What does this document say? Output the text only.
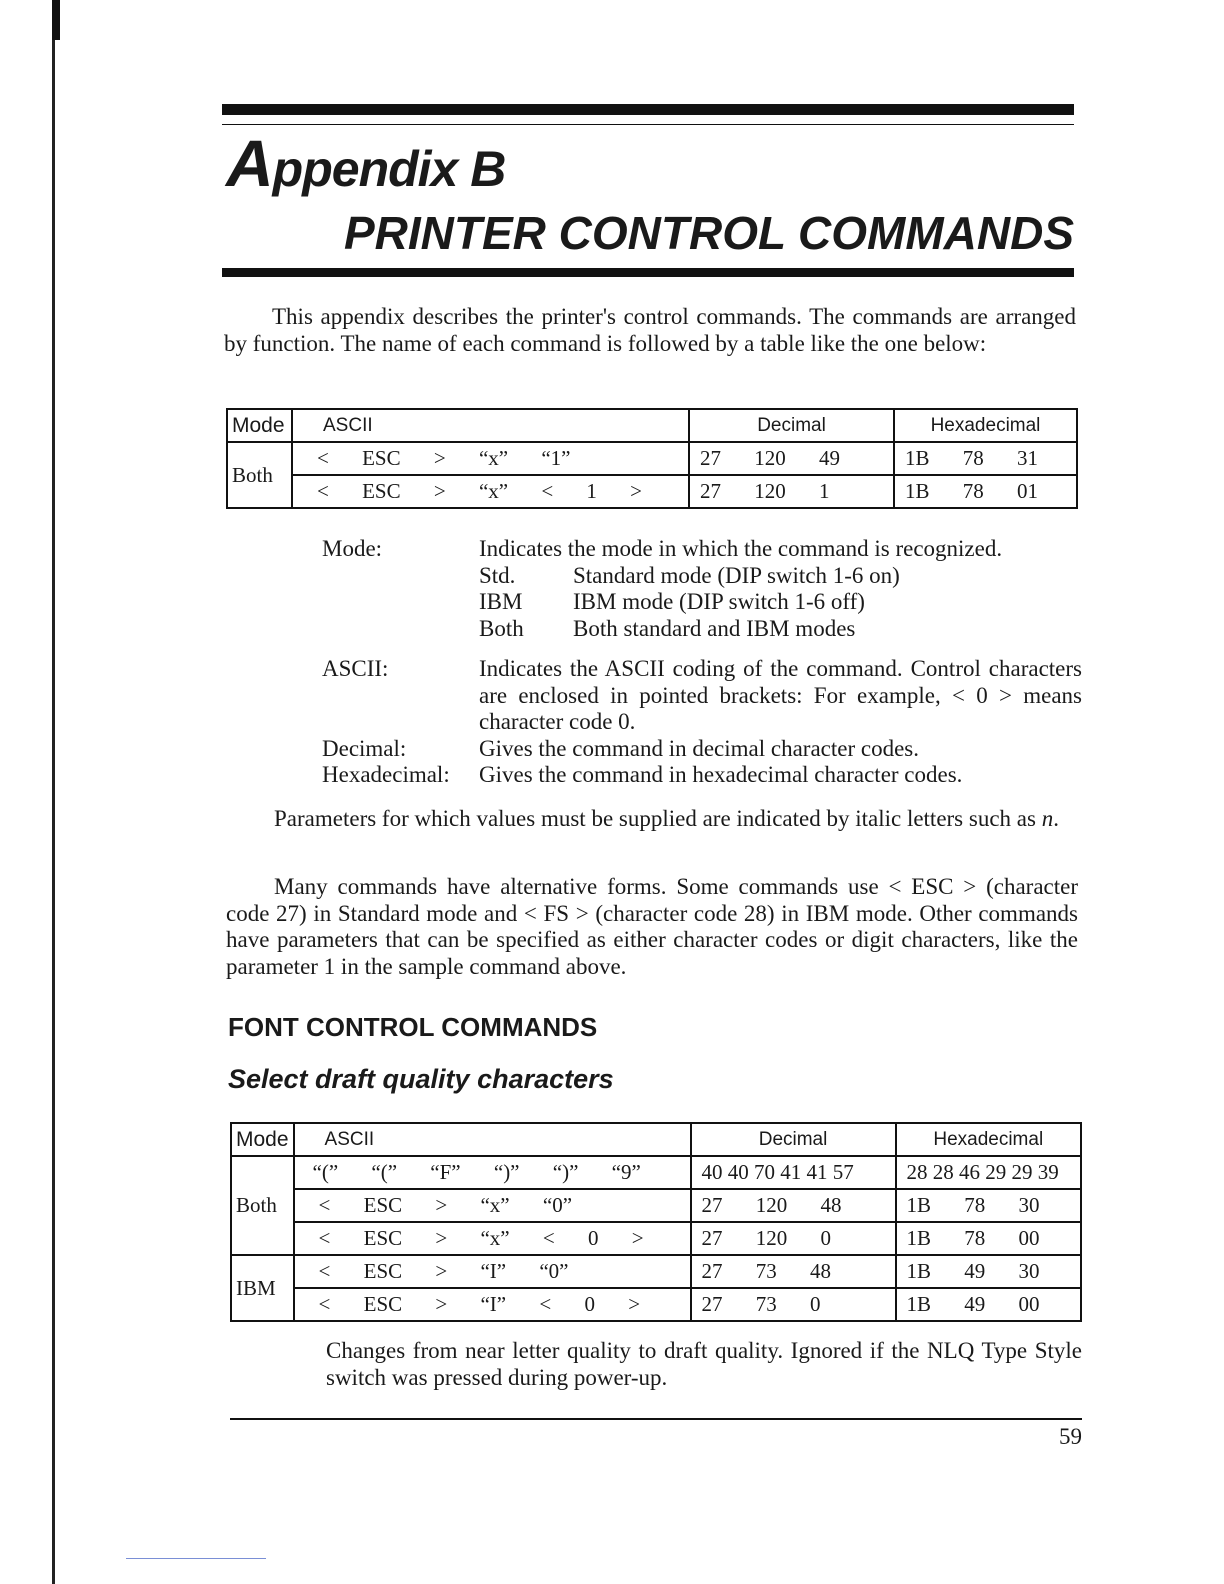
Appendix B
PRINTER CONTROL COMMANDS

This appendix describes the printer's control commands. The commands are arranged by function. The name of each command is followed by a table like the one below:

Mode	ASCII	Decimal	Hexadecimal
Both	< ESC > “x” “1”	27 120 49	1B 78 31
	< ESC > “x” < 1 >	27 120 1	1B 78 01
Mode:	Indicates the mode in which the command is recognized.
Std.	Standard mode (DIP switch 1-6 on)
IBM	IBM mode (DIP switch 1-6 off)
Both	Both standard and IBM modes
ASCII:	Indicates the ASCII coding of the command. Control characters are enclosed in pointed brackets: For example, < 0 > means character code 0.
Decimal:	Gives the command in decimal character codes.
Hexadecimal:	Gives the command in hexadecimal character codes.

Parameters for which values must be supplied are indicated by italic letters such as n.

Many commands have alternative forms. Some commands use < ESC > (character code 27) in Standard mode and < FS > (character code 28) in IBM mode. Other commands have parameters that can be specified as either character codes or digit characters, like the parameter 1 in the sample command above.

FONT CONTROL COMMANDS
Select draft quality characters
Mode	ASCII	Decimal	Hexadecimal
Both	“(” “(” “F” “)” “)” “9”	40 40 70 41 41 57	28 28 46 29 29 39
	< ESC > “x” “0”	27 120 48	1B 78 30
	< ESC > “x” < 0 >	27 120 0	1B 78 00
IBM	< ESC > “I” “0”	27 73 48	1B 49 30
	< ESC > “I” < 0 >	27 73 0	1B 49 00

Changes from near letter quality to draft quality. Ignored if the NLQ Type Style switch was pressed during power-up.

59
